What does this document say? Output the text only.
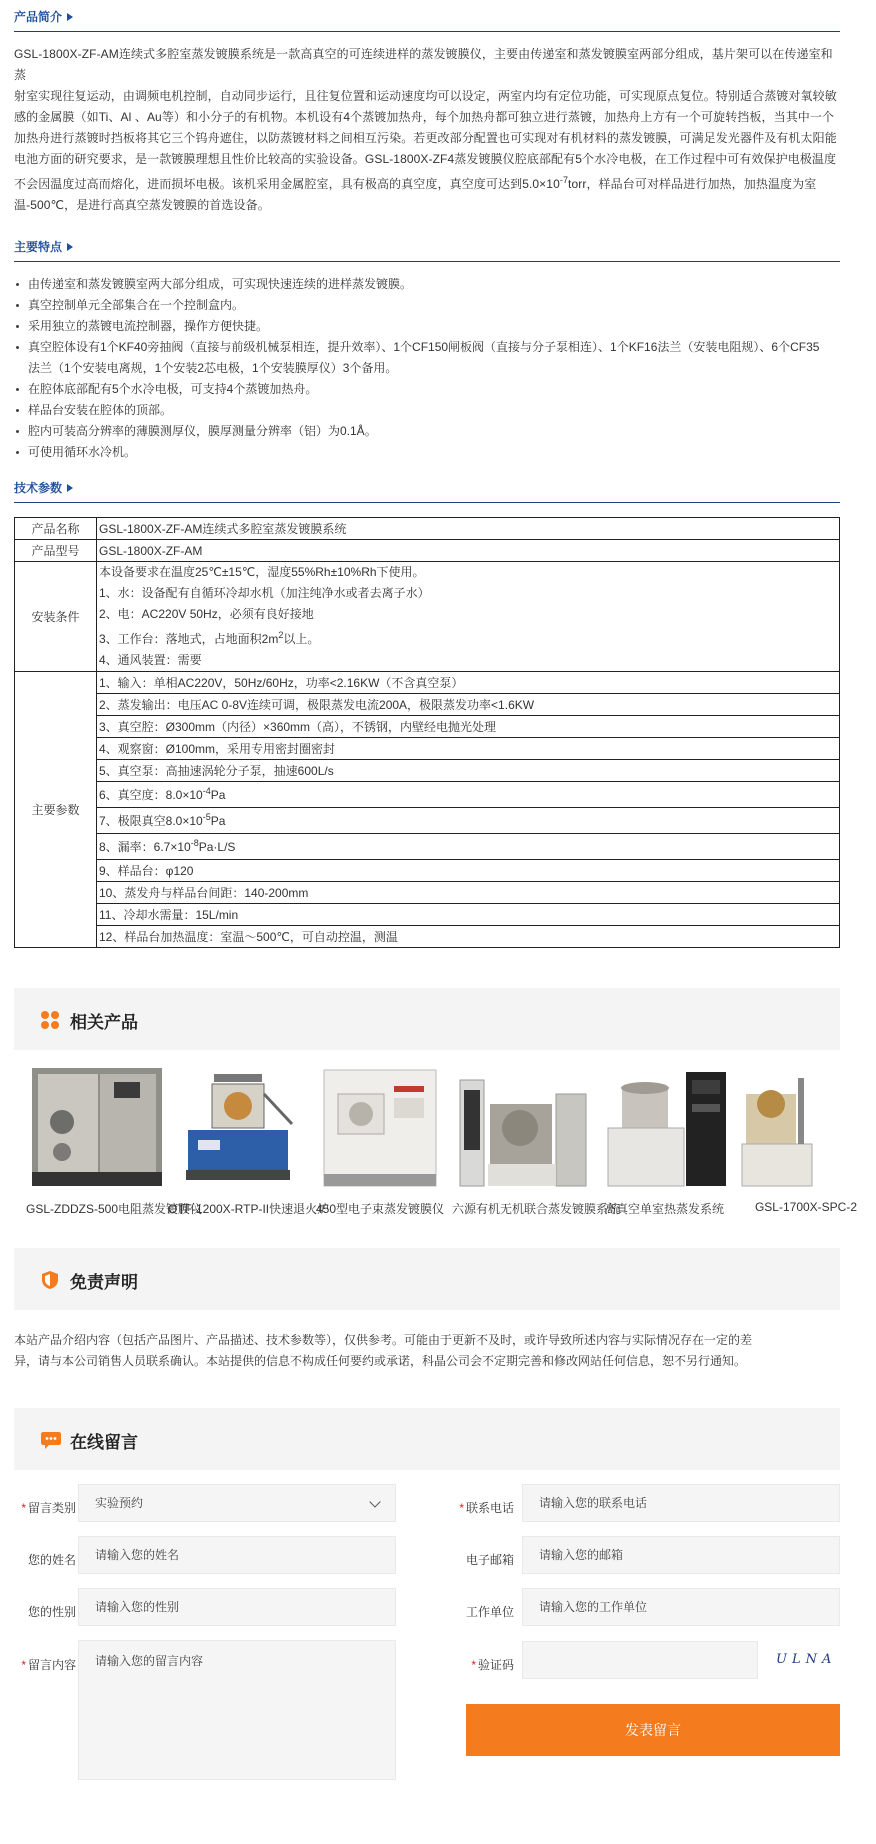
产品简介

GSL-1800X-ZF-AM连续式多腔室蒸发镀膜系统是一款高真空的可连续进样的蒸发镀膜仪，主要由传递室和蒸发镀膜室两部分组成，基片架可以在传递室和蒸

射室实现往复运动，由调频电机控制，自动同步运行，且往复位置和运动速度均可以设定，两室内均有定位功能，可实现原点复位。特别适合蒸镀对氧较敏

感的金属膜（如Ti、Al 、Au等）和小分子的有机物。本机设有4个蒸镀加热舟，每个加热舟都可独立进行蒸镀，加热舟上方有一个可旋转挡板，当其中一个

加热舟进行蒸镀时挡板将其它三个钨舟遮住，以防蒸镀材料之间相互污染。若更改部分配置也可实现对有机材料的蒸发镀膜，可满足发光器件及有机太阳能

电池方面的研究要求，是一款镀膜理想且性价比较高的实验设备。GSL-1800X-ZF4蒸发镀膜仪腔底部配有5个水冷电极，在工作过程中可有效保护电极温度

不会因温度过高而熔化，进而损坏电极。该机采用金属腔室，具有极高的真空度，真空度可达到$5.0\times 10^{-7}torr$，样品台可对样品进行加热，加热温度为室

温-500℃，是进行高真空蒸发镀膜的首选设备。

主要特点
由传递室和蒸发镀膜室两大部分组成，可实现快速连续的进样蒸发镀膜。
真空控制单元全部集合在一个控制盒内。
采用独立的蒸镀电流控制器，操作方便快捷。
真空腔体设有1个KF40旁抽阀（直接与前级机械泵相连，提升效率）、1个CF150闸板阀（直接与分子泵相连）、1个KF16法兰（安装电阻规）、6个CF35
法兰（1个安装电离规，1个安装2芯电极，1个安装膜厚仪）3个备用。
在腔体底部配有5个水冷电极，可支持4个蒸镀加热舟。
样品台安装在腔体的顶部。
腔内可装高分辨率的薄膜测厚仪，膜厚测量分辨率（铝）为0.1Å。
可使用循环水冷机。
技术参数
产品名称	GSL-1800X-ZF-AM连续式多腔室蒸发镀膜系统
产品型号	GSL-1800X-ZF-AM
安装条件	本设备要求在温度25℃±15℃，湿度55%Rh±10%Rh下使用。
1、水：设备配有自循环冷却水机（加注纯净水或者去离子水）
2、电：AC220V 50Hz，必须有良好接地
3、工作台：落地式，占地面积$2m^2$以上。
4、通风装置：需要

主要参数	1、输入：单相AC220V，50Hz/60Hz，功率<2.16KW（不含真空泵）
	2、蒸发输出：电压AC 0-8V连续可调，极限蒸发电流200A，极限蒸发功率<1.6KW
	3、真空腔：Ø300mm（内径）×360mm（高），不锈钢，内壁经电抛光处理
	4、观察窗：Ø100mm，采用专用密封圈密封
	5、真空泵：高抽速涡轮分子泵，抽速600L/s
	6、真空度：$8.0\times 10^{-4}Pa$
	7、极限真空$8.0\times 10^{-5}Pa$
	8、漏率：$6.7\times 10^{-8}Pa\cdot L/S$
	9、样品台：φ120
	10、蒸发舟与样品台间距：140-200mm
	11、冷却水需量：15L/min
	12、样品台加热温度：室温～500℃，可自动控温，测温
相关产品
GSL-ZDDZS-500电阻蒸发镀膜仪
OTF-1200X-RTP-II快速退火炉
450型电子束蒸发镀膜仪 六源有机无机联合蒸发镀膜系统
高真空单室热蒸发系统	GSL-1700X-SPC-2
免责声明
本站产品介绍内容（包括产品图片、产品描述、技术参数等），仅供参考。可能由于更新不及时，或许导致所述内容与实际情况存在一定的差
异，请与本公司销售人员联系确认。本站提供的信息不构成任何要约或承诺，科晶公司会不定期完善和修改网站任何信息，恕不另行通知。
在线留言
* 留言类别	实验预约	* 联系电话	请输入您的联系电话
您的姓名	请输入您的姓名	电子邮箱	请输入您的邮箱
您的性别	请输入您的性别	工作单位	请输入您的工作单位
* 留言内容	请输入您的留言内容	* 验证码	ULNA
发表留言
